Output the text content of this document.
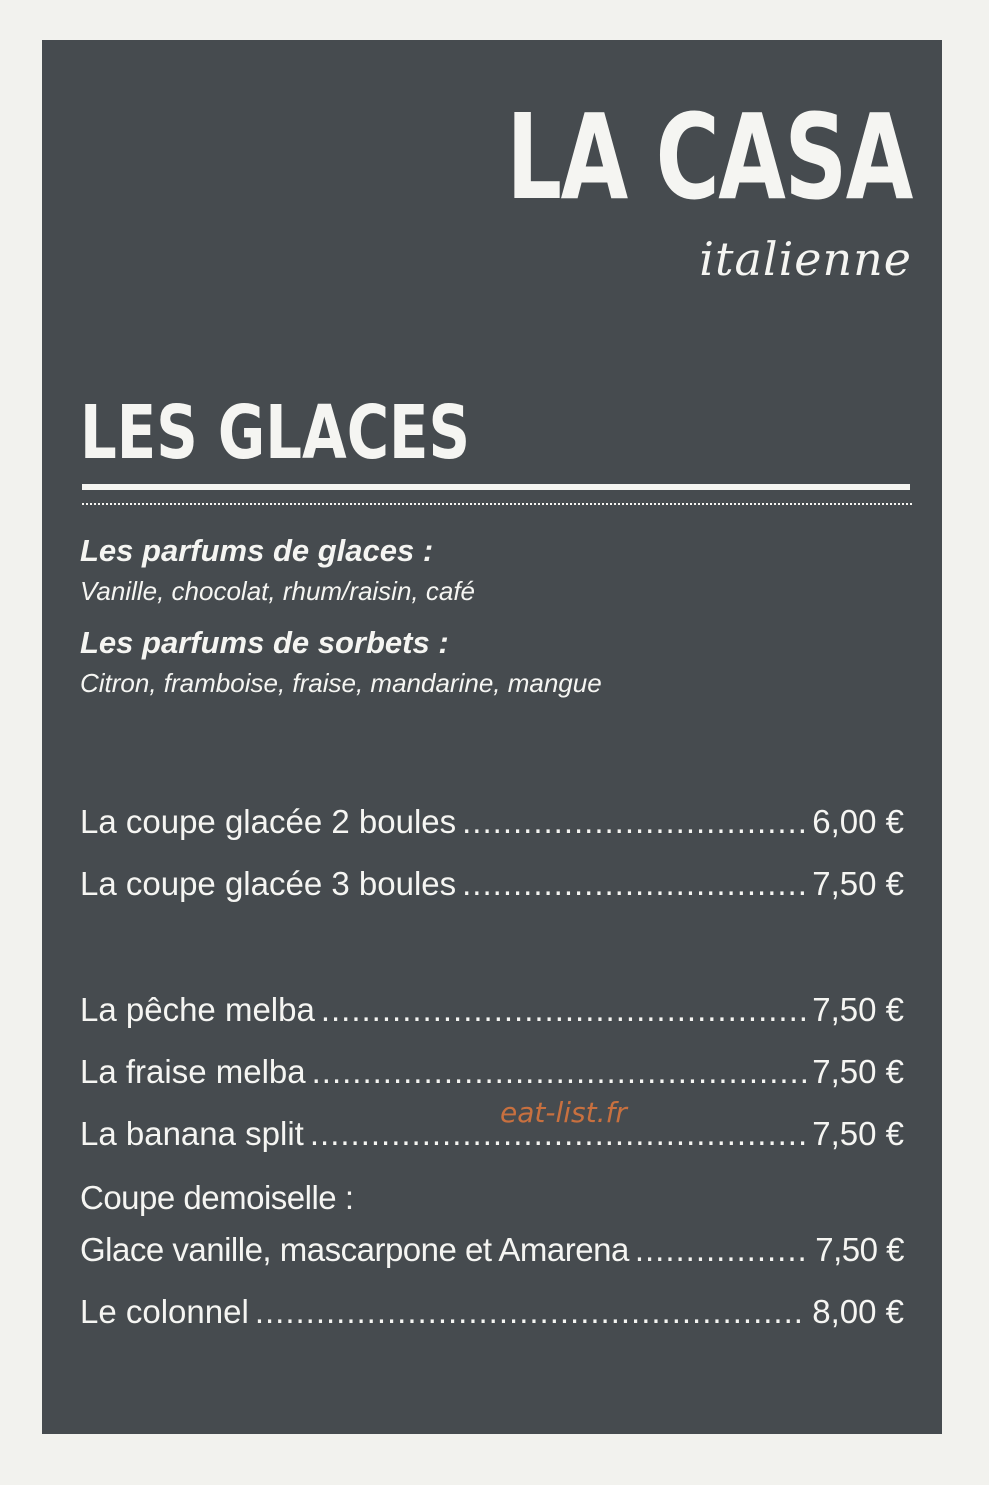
LA CASA
italienne
LES GLACES
Les parfums de glaces :
Vanille, chocolat, rhum/raisin, café
Les parfums de sorbets :
Citron, framboise, fraise, mandarine, mangue
La coupe glacée 2 boules .....	6,00 €
La coupe glacée 3 boules .....	7,50 €
La pêche melba .....	7,50 €
La fraise melba .....	7,50 €
La banana split .....	7,50 €
Coupe demoiselle :
Glace vanille, mascarpone et Amarena .....	7,50 €
Le colonnel .....	8,00 €
eat-list.fr
